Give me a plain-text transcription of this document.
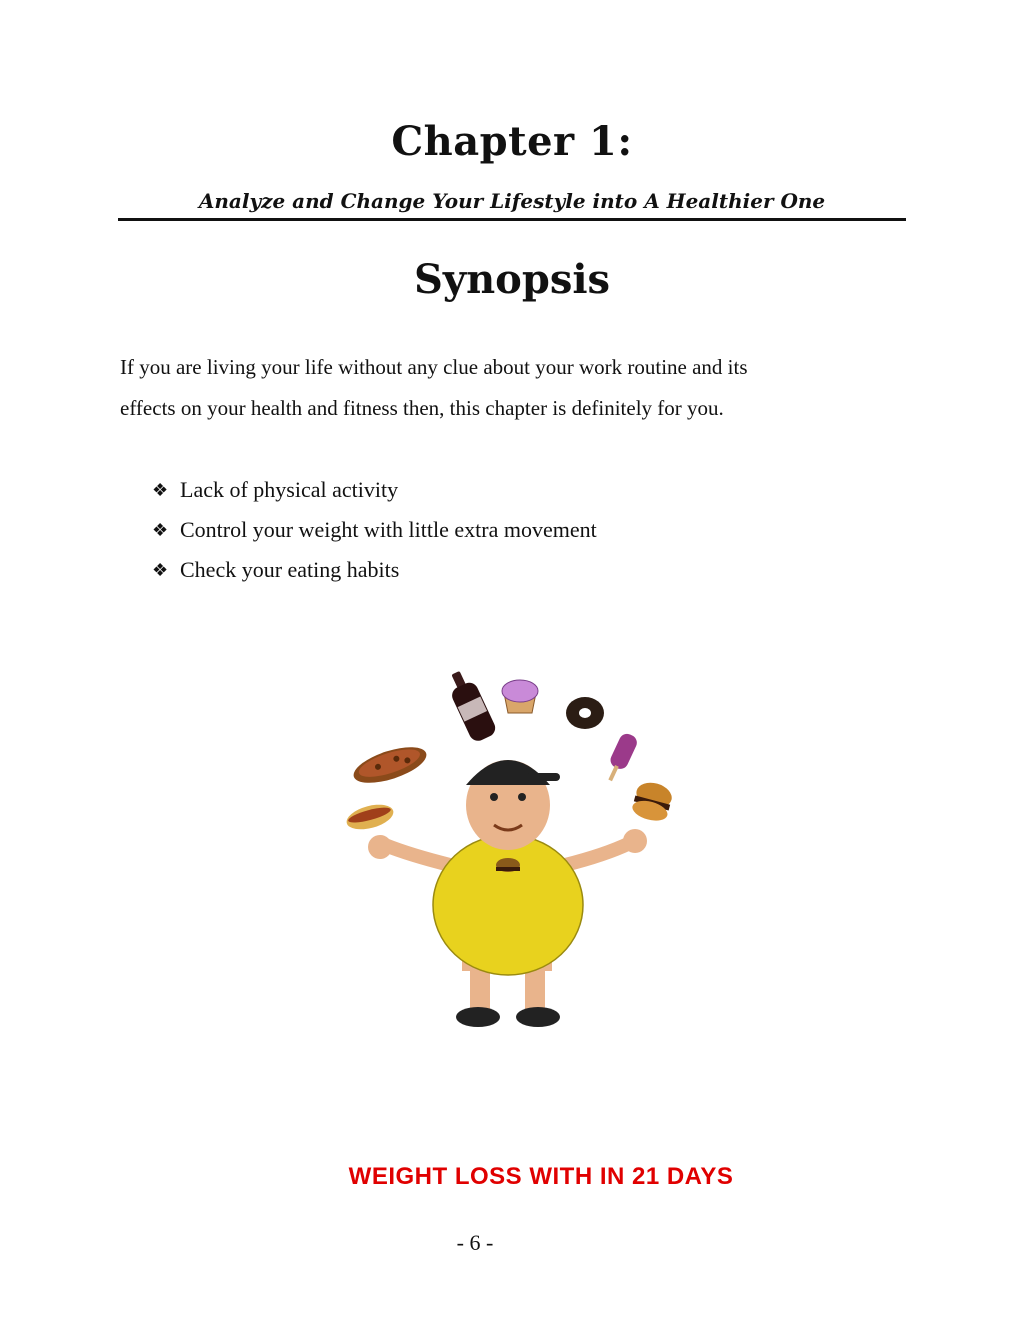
Chapter 1:
Analyze and Change Your Lifestyle into A Healthier One
Synopsis

If you are living your life without any clue about your work routine and its
effects on your health and fitness then, this chapter is definitely for you.

❖ Lack of physical activity
❖ Control your weight with little extra movement
❖ Check your eating habits
WEIGHT LOSS WITH IN 21 DAYS
- 6 -
